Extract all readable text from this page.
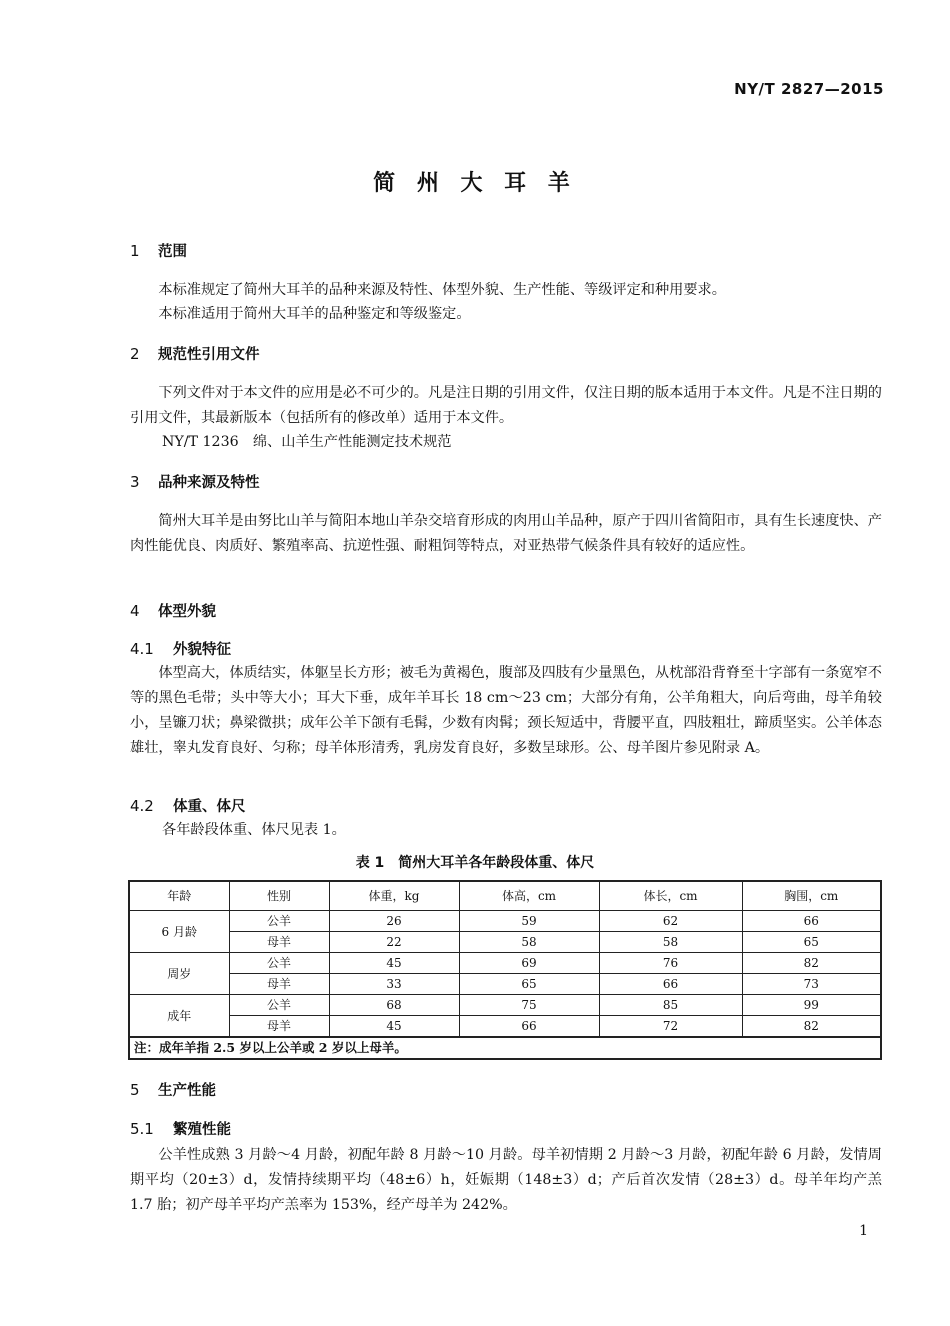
NY/T 2827—2015
简 州 大 耳 羊
1 范围
本标准规定了简州大耳羊的品种来源及特性、体型外貌、生产性能、等级评定和种用要求。
本标准适用于简州大耳羊的品种鉴定和等级鉴定。
2 规范性引用文件
下列文件对于本文件的应用是必不可少的。凡是注日期的引用文件，仅注日期的版本适用于本文件。凡是不注日期的引用文件，其最新版本（包括所有的修改单）适用于本文件。
NY/T 1236　绵、山羊生产性能测定技术规范
3 品种来源及特性
简州大耳羊是由努比山羊与简阳本地山羊杂交培育形成的肉用山羊品种，原产于四川省简阳市，具有生长速度快、产肉性能优良、肉质好、繁殖率高、抗逆性强、耐粗饲等特点，对亚热带气候条件具有较好的适应性。
4 体型外貌
4.1 外貌特征
体型高大，体质结实，体躯呈长方形；被毛为黄褐色，腹部及四肢有少量黑色，从枕部沿背脊至十字部有一条宽窄不等的黑色毛带；头中等大小；耳大下垂，成年羊耳长 18 cm～23 cm；大部分有角，公羊角粗大，向后弯曲，母羊角较小，呈镰刀状；鼻梁微拱；成年公羊下颌有毛髯，少数有肉髯；颈长短适中，背腰平直，四肢粗壮，蹄质坚实。公羊体态雄壮，睾丸发育良好、匀称；母羊体形清秀，乳房发育良好，多数呈球形。公、母羊图片参见附录 A。
4.2 体重、体尺
各年龄段体重、体尺见表 1。
表 1　简州大耳羊各年龄段体重、体尺
年龄	性别	体重，kg	体高，cm	体长，cm	胸围，cm
6 月龄	公羊	26	59	62	66
	母羊	22	58	58	65
周岁	公羊	45	69	76	82
	母羊	33	65	66	73
成年	公羊	68	75	85	99
	母羊	45	66	72	82
注：成年羊指 2.5 岁以上公羊或 2 岁以上母羊。					
5 生产性能
5.1 繁殖性能
公羊性成熟 3 月龄～4 月龄，初配年龄 8 月龄～10 月龄。母羊初情期 2 月龄～3 月龄，初配年龄 6 月龄，发情周期平均（20±3）d，发情持续期平均（48±6）h，妊娠期（148±3）d；产后首次发情（28±3）d。母羊年均产羔 1.7 胎；初产母羊平均产羔率为 153%，经产母羊为 242%。
1
